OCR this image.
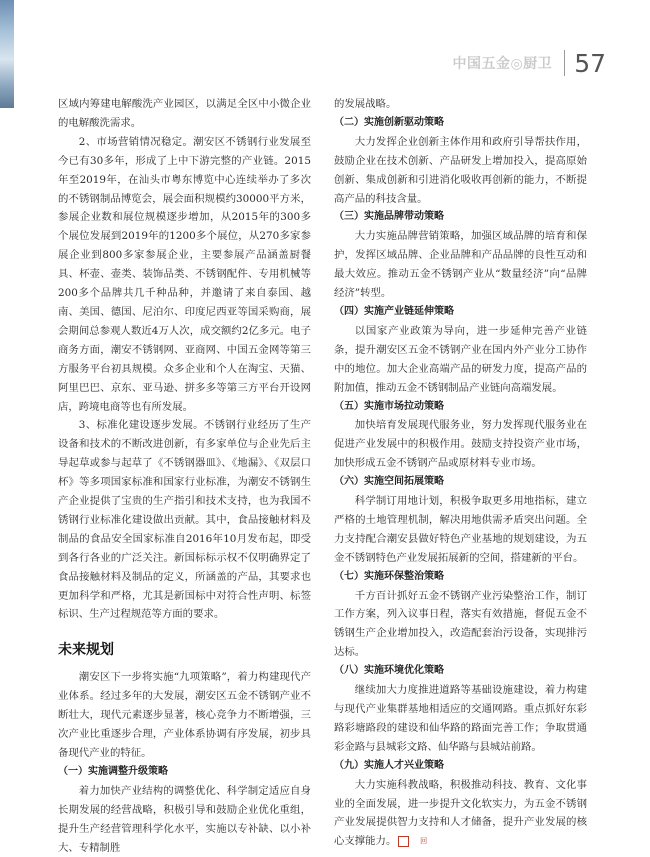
中国五金◎厨卫 57

区域内筹建电解酸洗产业园区，以满足全区中小微企业的电解酸洗需求。

2、市场营销情况稳定。潮安区不锈钢行业发展至今已有30多年，形成了上中下游完整的产业链。2015年至2019年，在汕头市粤东博览中心连续举办了多次的不锈钢制品博览会，展会面积规模约30000平方米，参展企业数和展位规模逐步增加，从2015年的300多个展位发展到2019年的1200多个展位，从270多家参展企业到800多家参展企业，主要参展产品涵盖厨餐具、杯壶、壶类、装饰品类、不锈钢配件、专用机械等200多个品牌共几千种品种，并邀请了来自泰国、越南、美国、德国、尼泊尔、印度尼西亚等国采购商，展会期间总参观人数近4万人次，成交额约2亿多元。电子商务方面，潮安不锈钢网、亚商网、中国五金网等第三方服务平台初具规模。众多企业和个人在淘宝、天猫、阿里巴巴、京东、亚马逊、拼多多等第三方平台开设网店，跨境电商等也有所发展。

3、标准化建设逐步发展。不锈钢行业经历了生产设备和技术的不断改进创新，有多家单位与企业先后主导起草或参与起草了《不锈钢器皿》、《地漏》、《双层口杯》等多项国家标准和国家行业标准，为潮安不锈钢生产企业提供了宝贵的生产指引和技术支持，也为我国不锈钢行业标准化建设做出贡献。其中，食品接触材料及制品的食品安全国家标准自2016年10月发布起，即受到各行各业的广泛关注。新国标标示权不仅明确界定了食品接触材料及制品的定义，所涵盖的产品，其要求也更加科学和严格，尤其是新国标中对符合性声明、标签标识、生产过程规范等方面的要求。

未来规划

潮安区下一步将实施“九项策略”，着力构建现代产业体系。经过多年的大发展，潮安区五金不锈钢产业不断壮大，现代元素逐步显著，核心竞争力不断增强，三次产业比重逐步合理，产业体系协调有序发展，初步具备现代产业的特征。

（一）实施调整升级策略

着力加快产业结构的调整优化、科学制定适应自身长期发展的经营战略，积极引导和鼓励企业优化重组，提升生产经营管理科学化水平，实施以专补缺、以小补大、专精制胜

的发展战略。

（二）实施创新驱动策略

大力发挥企业创新主体作用和政府引导帮扶作用，鼓励企业在技术创新、产品研发上增加投入，提高原始创新、集成创新和引进消化吸收再创新的能力，不断提高产品的科技含量。

（三）实施品牌带动策略

大力实施品牌营销策略，加强区域品牌的培育和保护，发挥区域品牌、企业品牌和产品品牌的良性互动和最大效应。推动五金不锈钢产业从“数量经济”向“品牌经济”转型。

（四）实施产业链延伸策略

以国家产业政策为导向，进一步延伸完善产业链条，提升潮安区五金不锈钢产业在国内外产业分工协作中的地位。加大企业高端产品的研发力度，提高产品的附加值，推动五金不锈钢制品产业链向高端发展。

（五）实施市场拉动策略

加快培育发展现代服务业，努力发挥现代服务业在促进产业发展中的积极作用。鼓励支持投资产业市场，加快形成五金不锈钢产品或原材料专业市场。

（六）实施空间拓展策略

科学制订用地计划，积极争取更多用地指标，建立严格的土地管理机制，解决用地供需矛盾突出问题。全力支持配合潮安县做好特色产业基地的规划建设，为五金不锈钢特色产业发展拓展新的空间，搭建新的平台。

（七）实施环保整治策略

千方百计抓好五金不锈钢产业污染整治工作，制订工作方案，列入议事日程，落实有效措施，督促五金不锈钢生产企业增加投入，改造配套治污设备，实现排污达标。

（八）实施环境优化策略

继续加大力度推进道路等基础设施建设，着力构建与现代产业集群基地相适应的交通网路。重点抓好东彩路彩塘路段的建设和仙华路的路面完善工作；争取贯通彩金路与县城彩文路、仙华路与县城站前路。

（九）实施人才兴业策略

大力实施科教战略，积极推动科技、教育、文化事业的全面发展，进一步提升文化软实力，为五金不锈钢产业发展提供智力支持和人才储备，提升产业发展的核心支撑能力。	回
